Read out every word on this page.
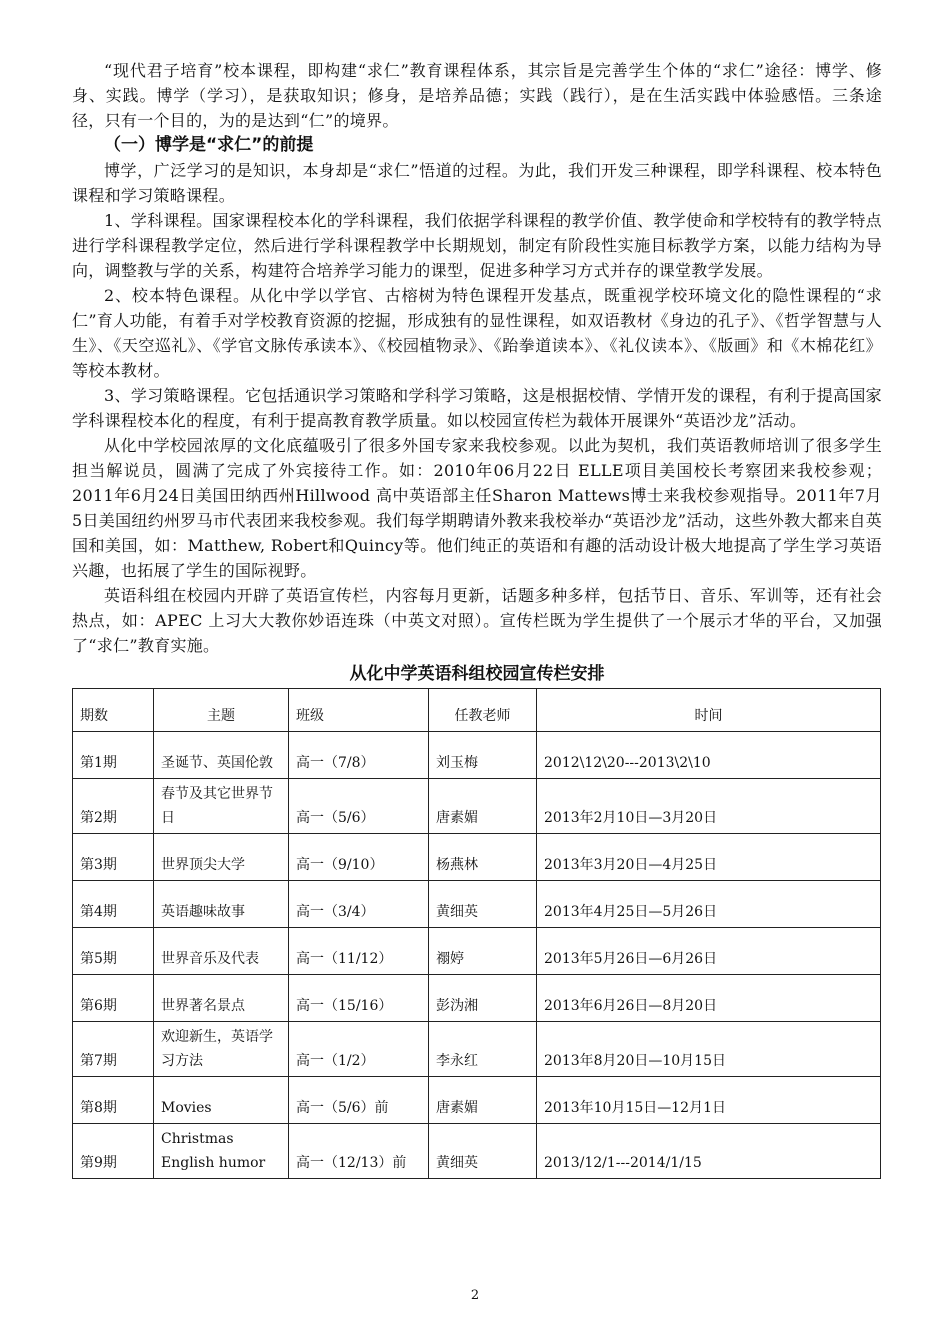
“现代君子培育”校本课程，即构建“求仁”教育课程体系，其宗旨是完善学生个体的“求仁”途径：博学、修身、实践。博学（学习），是获取知识；修身，是培养品德；实践（践行），是在生活实践中体验感悟。三条途径，只有一个目的，为的是达到“仁”的境界。

（一）博学是“求仁”的前提

博学，广泛学习的是知识，本身却是“求仁”悟道的过程。为此，我们开发三种课程，即学科课程、校本特色课程和学习策略课程。

1、学科课程。国家课程校本化的学科课程，我们依据学科课程的教学价值、教学使命和学校特有的教学特点进行学科课程教学定位，然后进行学科课程教学中长期规划，制定有阶段性实施目标教学方案，以能力结构为导向，调整教与学的关系，构建符合培养学习能力的课型，促进多种学习方式并存的课堂教学发展。

2、校本特色课程。从化中学以学官、古榕树为特色课程开发基点，既重视学校环境文化的隐性课程的“求仁”育人功能，有着手对学校教育资源的挖掘，形成独有的显性课程，如双语教材《身边的孔子》、《哲学智慧与人生》、《天空巡礼》、《学官文脉传承读本》、《校园植物录》、《跆拳道读本》、《礼仪读本》、《版画》和《木棉花红》等校本教材。

3、学习策略课程。它包括通识学习策略和学科学习策略，这是根据校情、学情开发的课程，有利于提高国家学科课程校本化的程度，有利于提高教育教学质量。如以校园宣传栏为载体开展课外“英语沙龙”活动。

从化中学校园浓厚的文化底蕴吸引了很多外国专家来我校参观。以此为契机，我们英语教师培训了很多学生担当解说员，圆满了完成了外宾接待工作。如：2010年06月22日 ELLE项目美国校长考察团来我校参观；2011年6月24日美国田纳西州Hillwood 高中英语部主任Sharon Mattews博士来我校参观指导。2011年7月5日美国纽约州罗马市代表团来我校参观。我们每学期聘请外教来我校举办“英语沙龙”活动，这些外教大都来自英国和美国，如：Matthew, Robert和Quincy等。他们纯正的英语和有趣的活动设计极大地提高了学生学习英语兴趣，也拓展了学生的国际视野。

英语科组在校园内开辟了英语宣传栏，内容每月更新，话题多种多样，包括节日、音乐、军训等，还有社会热点，如：APEC 上习大大教你妙语连珠（中英文对照）。宣传栏既为学生提供了一个展示才华的平台，又加强了“求仁”教育实施。

从化中学英语科组校园宣传栏安排
期数	主题	班级	任教老师	时间
第1期	圣诞节、英国伦敦	高一（7/8）	刘玉梅	2012\12\20---2013\2\10
第2期	春节及其它世界节日	高一（5/6）	唐素媚	2013年2月10日—3月20日
第3期	世界顶尖大学	高一（9/10）	杨燕林	2013年3月20日—4月25日
第4期	英语趣味故事	高一（3/4）	黄细英	2013年4月25日—5月26日
第5期	世界音乐及代表	高一（11/12）	禤婷	2013年5月26日—6月26日
第6期	世界著名景点	高一（15/16）	彭沩湘	2013年6月26日—8月20日
第7期	欢迎新生，英语学习方法	高一（1/2）	李永红	2013年8月20日—10月15日
第8期	Movies	高一（5/6）前	唐素媚	2013年10月15日—12月1日
第9期	Christmas English humor	高一（12/13）前	黄细英	2013/12/1---2014/1/15
2
